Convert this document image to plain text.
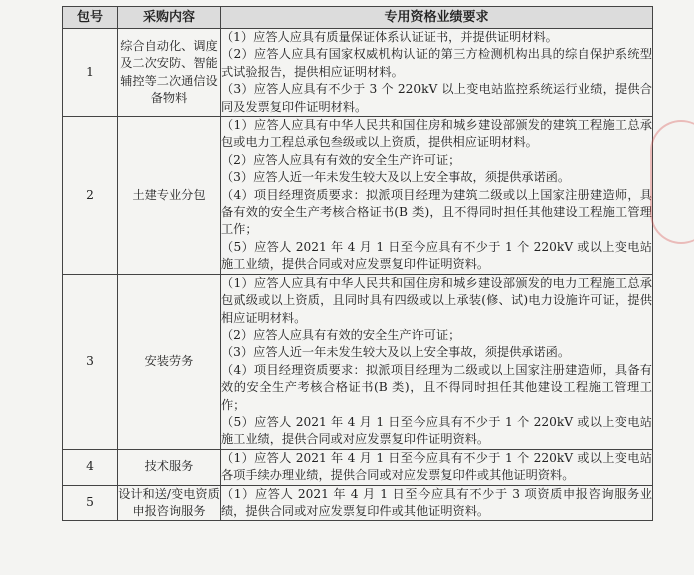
包号	采购内容	专用资格业绩要求
1	综合自动化、调度及二次安防、智能辅控等二次通信设备物料	（1）应答人应具有质量保证体系认证证书，并提供证明材料。
（2）应答人应具有国家权威机构认证的第三方检测机构出具的综自保护系统型式试验报告，提供相应证明材料。
（3）应答人应具有不少于 3 个 220kV 以上变电站监控系统运行业绩，提供合同及发票复印件证明材料。

2	土建专业分包	（1）应答人应具有中华人民共和国住房和城乡建设部颁发的建筑工程施工总承包或电力工程总承包叁级或以上资质，提供相应证明材料。
（2）应答人应具有有效的安全生产许可证；
（3）应答人近一年未发生较大及以上安全事故，须提供承诺函。
（4）项目经理资质要求：拟派项目经理为建筑二级或以上国家注册建造师，具备有效的安全生产考核合格证书(B 类)，且不得同时担任其他建设工程施工管理工作；
（5）应答人 2021 年 4 月 1 日至今应具有不少于 1 个 220kV 或以上变电站施工业绩，提供合同或对应发票复印件证明资料。

3	安装劳务	（1）应答人应具有中华人民共和国住房和城乡建设部颁发的电力工程施工总承包贰级或以上资质，且同时具有四级或以上承装(修、试)电力设施许可证，提供相应证明材料。
（2）应答人应具有有效的安全生产许可证；
（3）应答人近一年未发生较大及以上安全事故，须提供承诺函。
（4）项目经理资质要求：拟派项目经理为二级或以上国家注册建造师，具备有效的安全生产考核合格证书(B 类)，且不得同时担任其他建设工程施工管理工作；
（5）应答人 2021 年 4 月 1 日至今应具有不少于 1 个 220kV 或以上变电站施工业绩，提供合同或对应发票复印件证明资料。

4	技术服务	（1）应答人 2021 年 4 月 1 日至今应具有不少于 1 个 220kV 或以上变电站各项手续办理业绩，提供合同或对应发票复印件或其他证明资料。

5	设计和送/变电资质申报咨询服务	（1）应答人 2021 年 4 月 1 日至今应具有不少于 3 项资质申报咨询服务业绩，提供合同或对应发票复印件或其他证明资料。
